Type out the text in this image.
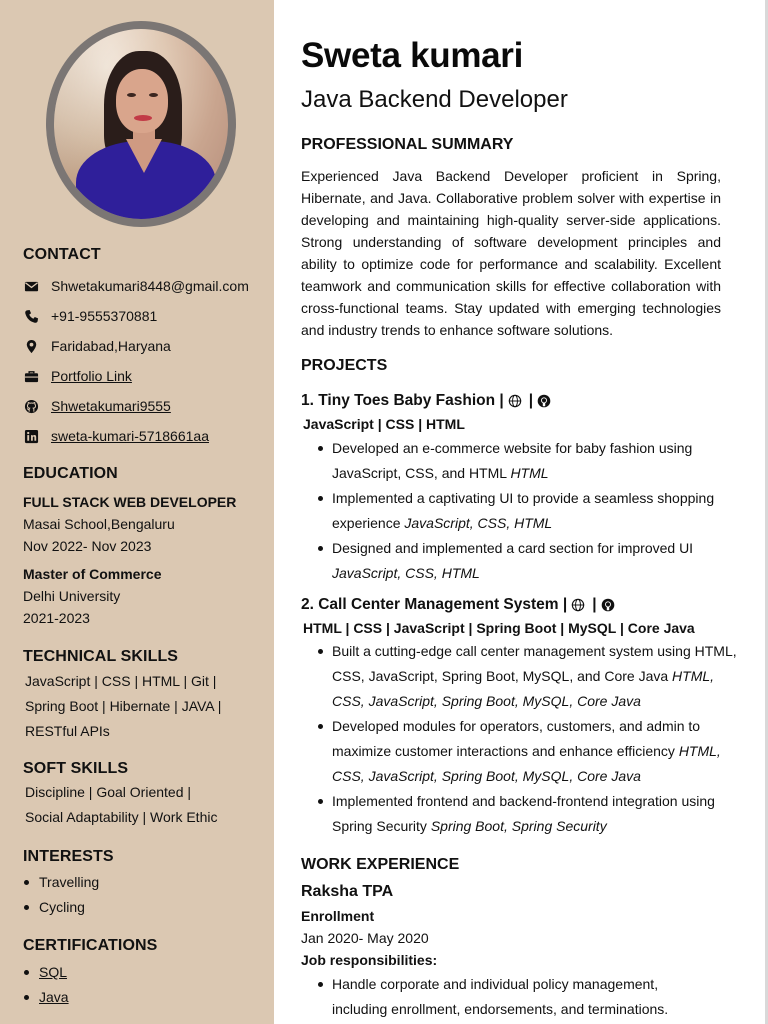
CONTACT
Shwetakumari8448@gmail.com
+91-9555370881
Faridabad,Haryana
Portfolio Link
Shwetakumari9555
sweta-kumari-5718661aa
EDUCATION
FULL STACK WEB DEVELOPER
Masai School,Bengaluru
Nov 2022- Nov 2023
Master of Commerce
Delhi University
2021-2023
TECHNICAL SKILLS
JavaScript | CSS | HTML | Git |
Spring Boot | Hibernate | JAVA |
RESTful APIs
SOFT SKILLS
Discipline | Goal Oriented |
Social Adaptability | Work Ethic
INTERESTS
Travelling
Cycling
CERTIFICATIONS
SQL
Java
Sweta kumari
Java Backend Developer
PROFESSIONAL SUMMARY
Experienced Java Backend Developer proficient in Spring, Hibernate, and Java. Collaborative problem solver with expertise in developing and maintaining high-quality server-side applications. Strong understanding of software development principles and ability to optimize code for performance and scalability. Excellent teamwork and communication skills for effective collaboration with cross-functional teams. Stay updated with emerging technologies and industry trends to enhance software solutions.
PROJECTS
1. Tiny Toes Baby Fashion | |
JavaScript | CSS | HTML
Developed an e-commerce website for baby fashion using JavaScript, CSS, and HTML HTML
Implemented a captivating UI to provide a seamless shopping experience JavaScript, CSS, HTML
Designed and implemented a card section for improved UI JavaScript, CSS, HTML
2. Call Center Management System | |
HTML | CSS | JavaScript | Spring Boot | MySQL | Core Java
Built a cutting-edge call center management system using HTML, CSS, JavaScript, Spring Boot, MySQL, and Core Java HTML, CSS, JavaScript, Spring Boot, MySQL, Core Java
Developed modules for operators, customers, and admin to maximize customer interactions and enhance efficiency HTML, CSS, JavaScript, Spring Boot, MySQL, Core Java
Implemented frontend and backend-frontend integration using Spring Security Spring Boot, Spring Security
WORK EXPERIENCE
Raksha TPA
Enrollment
Jan 2020- May 2020
Job responsibilities:
Handle corporate and individual policy management, including enrollment, endorsements, and terminations.
